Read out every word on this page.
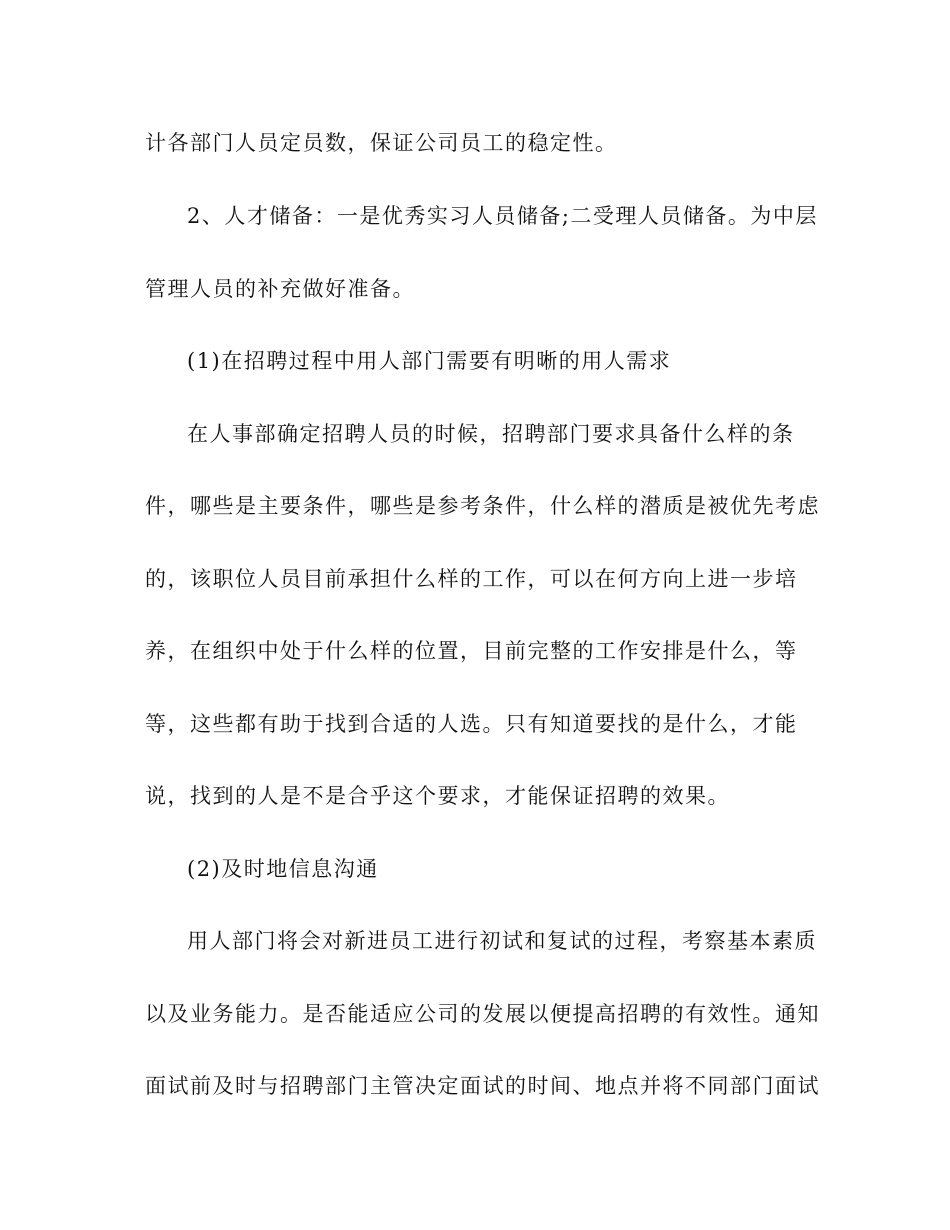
计各部门人员定员数，保证公司员工的稳定性。
2、人才储备：一是优秀实习人员储备;二受理人员储备。为中层
管理人员的补充做好准备。
(1)在招聘过程中用人部门需要有明晰的用人需求
在人事部确定招聘人员的时候，招聘部门要求具备什么样的条
件，哪些是主要条件，哪些是参考条件，什么样的潜质是被优先考虑
的，该职位人员目前承担什么样的工作，可以在何方向上进一步培
养，在组织中处于什么样的位置，目前完整的工作安排是什么，等
等，这些都有助于找到合适的人选。只有知道要找的是什么，才能
说，找到的人是不是合乎这个要求，才能保证招聘的效果。
(2)及时地信息沟通
用人部门将会对新进员工进行初试和复试的过程，考察基本素质
以及业务能力。是否能适应公司的发展以便提高招聘的有效性。通知
面试前及时与招聘部门主管决定面试的时间、地点并将不同部门面试
